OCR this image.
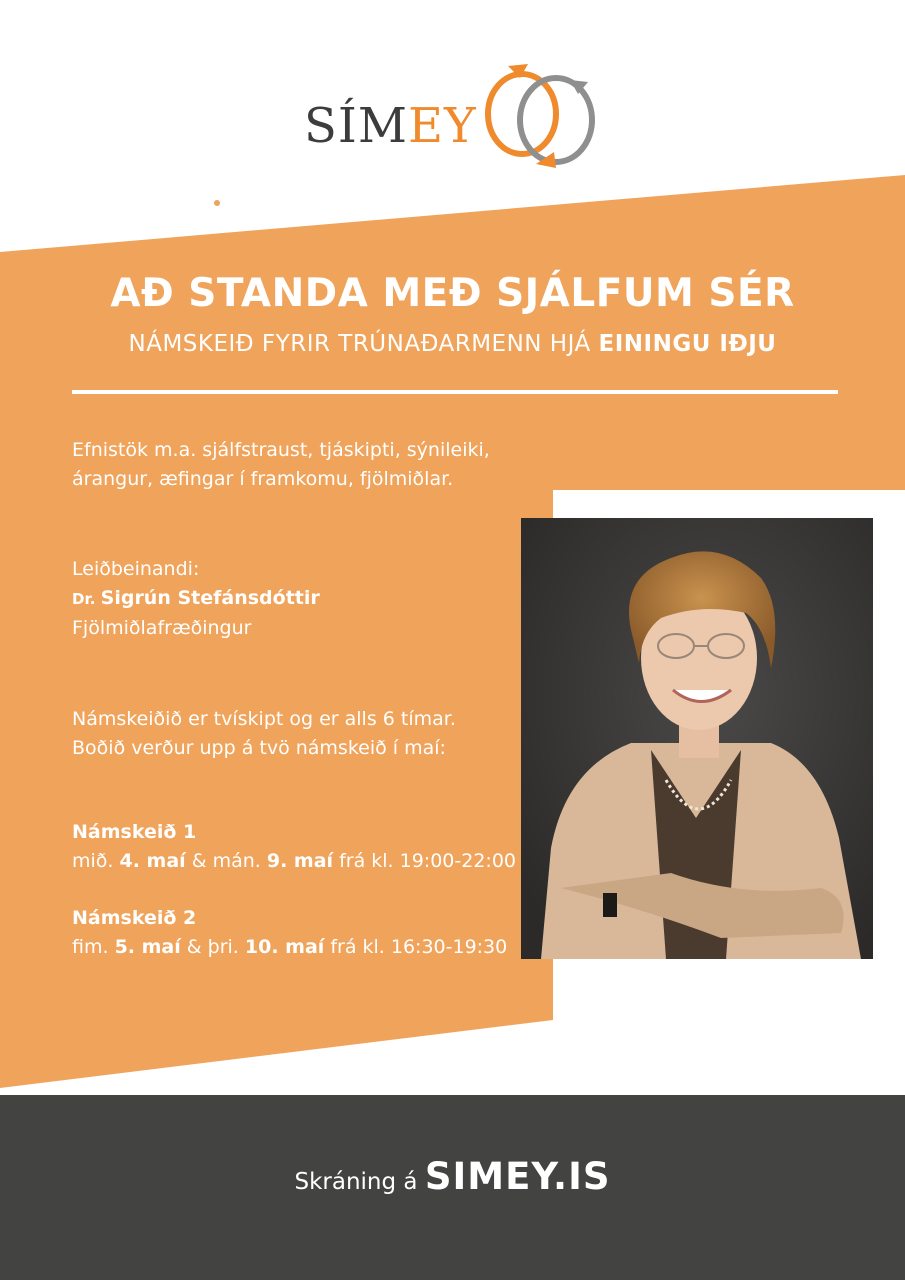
SÍMEY
AÐ STANDA MEÐ SJÁLFUM SÉR
NÁMSKEIÐ FYRIR TRÚNAÐARMENN HJÁ EININGU IÐJU
Efnistök m.a. sjálfstraust, tjáskipti, sýnileiki,
árangur, æfingar í framkomu, fjölmiðlar.
Leiðbeinandi:
Dr. Sigrún Stefánsdóttir
Fjölmiðlafræðingur
Námskeiðið er tvískipt og er alls 6 tímar.
Boðið verður upp á tvö námskeið í maí:
Námskeið 1
mið. 4. maí & mán. 9. maí frá kl. 19:00-22:00
Námskeið 2
fim. 5. maí & þri. 10. maí frá kl. 16:30-19:30
Skráning á SIMEY.IS
